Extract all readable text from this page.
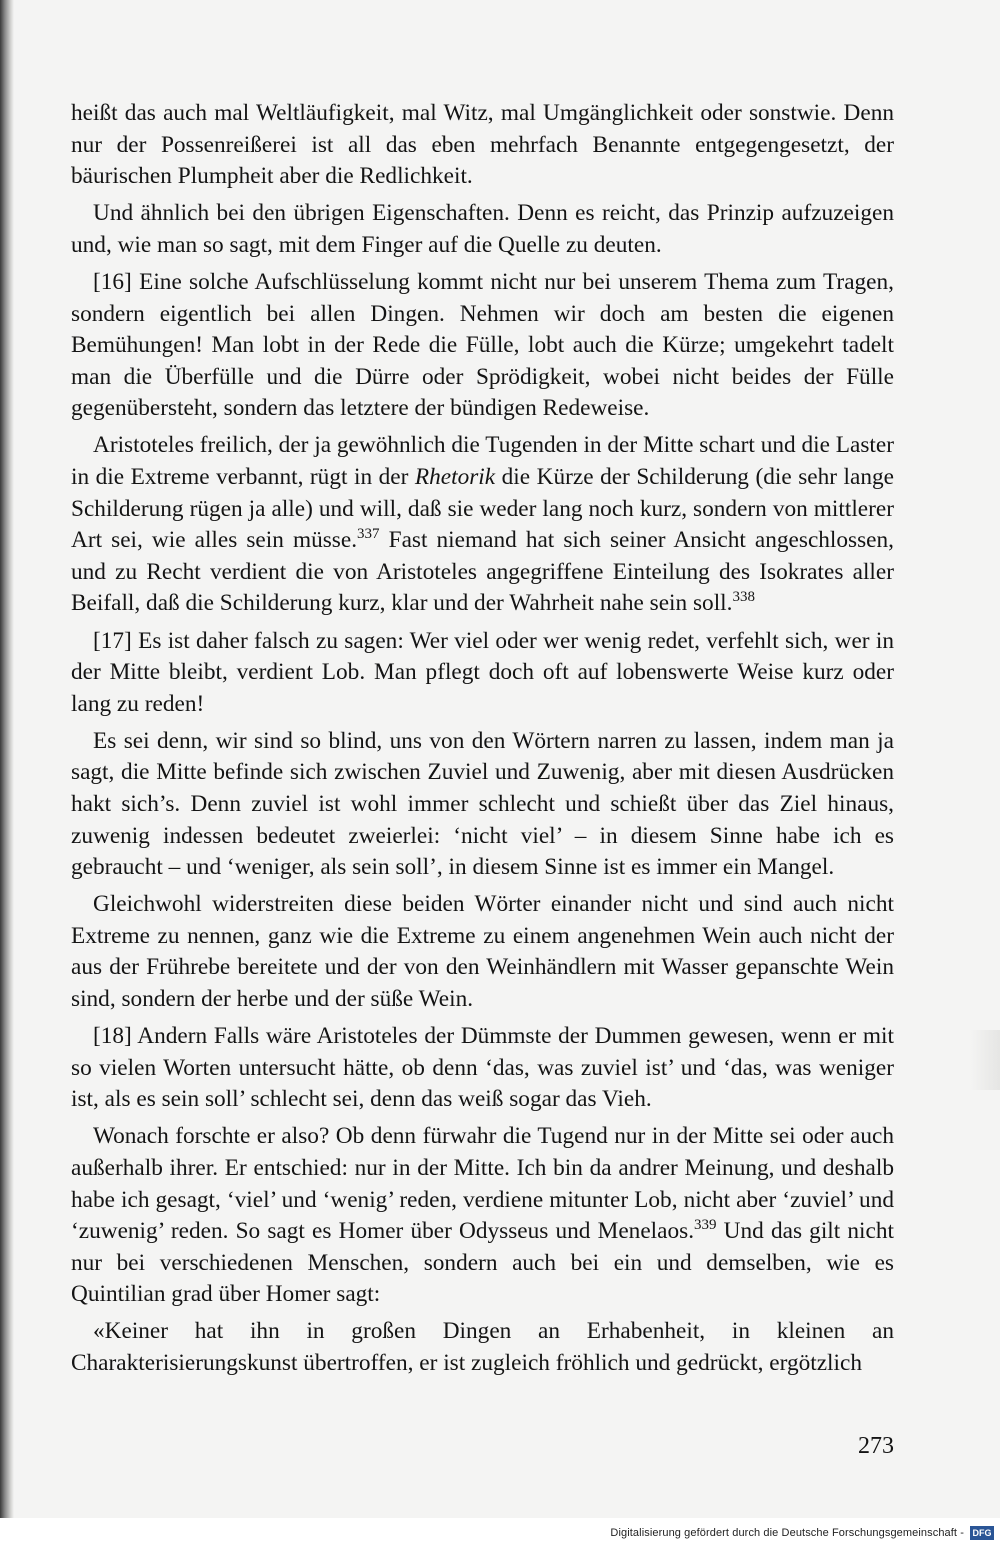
heißt das auch mal Weltläufigkeit, mal Witz, mal Umgänglichkeit oder sonstwie. Denn nur der Possenreißerei ist all das eben mehrfach Benannte entgegengesetzt, der bäurischen Plumpheit aber die Redlichkeit.

Und ähnlich bei den übrigen Eigenschaften. Denn es reicht, das Prinzip aufzuzeigen und, wie man so sagt, mit dem Finger auf die Quelle zu deuten.

[16] Eine solche Aufschlüsselung kommt nicht nur bei unserem Thema zum Tragen, sondern eigentlich bei allen Dingen. Nehmen wir doch am besten die eigenen Bemühungen! Man lobt in der Rede die Fülle, lobt auch die Kürze; umgekehrt tadelt man die Überfülle und die Dürre oder Sprödigkeit, wobei nicht beides der Fülle gegenübersteht, sondern das letztere der bündigen Redeweise.

Aristoteles freilich, der ja gewöhnlich die Tugenden in der Mitte schart und die Laster in die Extreme verbannt, rügt in der Rhetorik die Kürze der Schilderung (die sehr lange Schilderung rügen ja alle) und will, daß sie weder lang noch kurz, sondern von mittlerer Art sei, wie alles sein müsse.$^{337}$ Fast niemand hat sich seiner Ansicht angeschlossen, und zu Recht verdient die von Aristoteles angegriffene Einteilung des Isokrates aller Beifall, daß die Schilderung kurz, klar und der Wahrheit nahe sein soll.$^{338}$

[17] Es ist daher falsch zu sagen: Wer viel oder wer wenig redet, verfehlt sich, wer in der Mitte bleibt, verdient Lob. Man pflegt doch oft auf lobenswerte Weise kurz oder lang zu reden!

Es sei denn, wir sind so blind, uns von den Wörtern narren zu lassen, indem man ja sagt, die Mitte befinde sich zwischen Zuviel und Zuwenig, aber mit diesen Ausdrücken hakt sich’s. Denn zuviel ist wohl immer schlecht und schießt über das Ziel hinaus, zuwenig indessen bedeutet zweierlei: ‘nicht viel’ – in diesem Sinne habe ich es gebraucht – und ‘weniger, als sein soll’, in diesem Sinne ist es immer ein Mangel.

Gleichwohl widerstreiten diese beiden Wörter einander nicht und sind auch nicht Extreme zu nennen, ganz wie die Extreme zu einem angenehmen Wein auch nicht der aus der Frührebe bereitete und der von den Weinhändlern mit Wasser gepanschte Wein sind, sondern der herbe und der süße Wein.

[18] Andern Falls wäre Aristoteles der Dümmste der Dummen gewesen, wenn er mit so vielen Worten untersucht hätte, ob denn ‘das, was zuviel ist’ und ‘das, was weniger ist, als es sein soll’ schlecht sei, denn das weiß sogar das Vieh.

Wonach forschte er also? Ob denn fürwahr die Tugend nur in der Mitte sei oder auch außerhalb ihrer. Er entschied: nur in der Mitte. Ich bin da andrer Meinung, und deshalb habe ich gesagt, ‘viel’ und ‘wenig’ reden, verdiene mitunter Lob, nicht aber ‘zuviel’ und ‘zuwenig’ reden. So sagt es Homer über Odysseus und Menelaos.$^{339}$ Und das gilt nicht nur bei verschiedenen Menschen, sondern auch bei ein und demselben, wie es Quintilian grad über Homer sagt:

«Keiner hat ihn in großen Dingen an Erhabenheit, in kleinen an Charakterisierungskunst übertroffen, er ist zugleich fröhlich und gedrückt, ergötzlich

273
Digitalisierung gefördert durch die Deutsche Forschungsgemeinschaft - DFG
